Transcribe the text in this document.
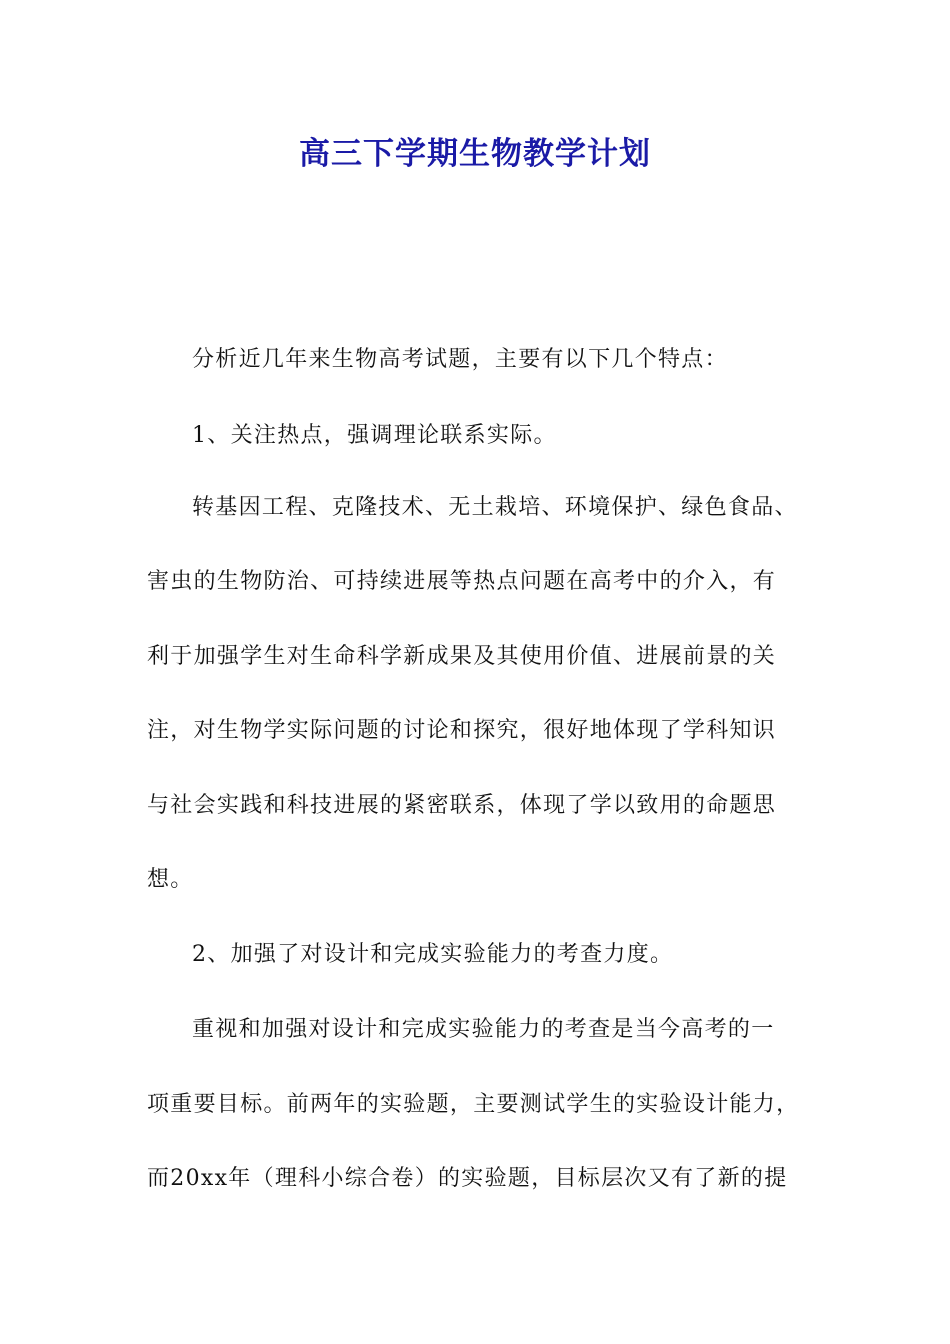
高三下学期生物教学计划
分析近几年来生物高考试题，主要有以下几个特点：
1、关注热点，强调理论联系实际。
转基因工程、克隆技术、无土栽培、环境保护、绿色食品、
害虫的生物防治、可持续进展等热点问题在高考中的介入，有
利于加强学生对生命科学新成果及其使用价值、进展前景的关
注，对生物学实际问题的讨论和探究，很好地体现了学科知识
与社会实践和科技进展的紧密联系，体现了学以致用的命题思
想。
2、加强了对设计和完成实验能力的考查力度。
重视和加强对设计和完成实验能力的考查是当今高考的一
项重要目标。前两年的实验题，主要测试学生的实验设计能力，
而20xx年（理科小综合卷）的实验题，目标层次又有了新的提
